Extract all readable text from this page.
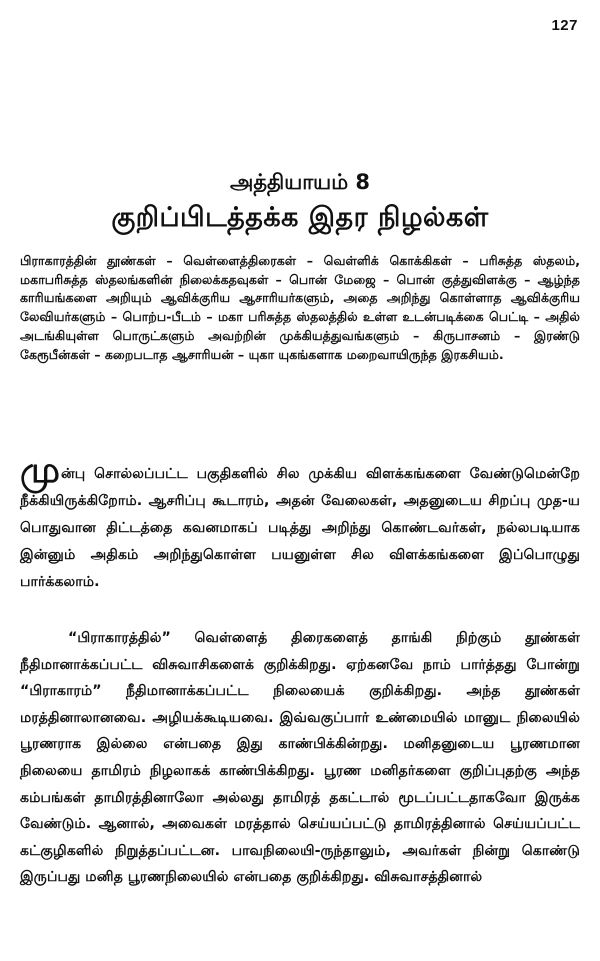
127
அத்தியாயம் 8
குறிப்பிடத்தக்க இதர நிழல்கள்
பிராகாரத்தின் தூண்கள் – வெள்ளைத்திரைகள் – வெள்ளிக் கொக்கிகள் – பரிசுத்த ஸ்தலம், மகாபரிசுத்த ஸ்தலங்களின் நிலைக்கதவுகள் – பொன் மேஜை – பொன் குத்துவிளக்கு – ஆழ்ந்த காரியங்களை அறியும் ஆவிக்குரிய ஆசாரியர்களும், அதை அறிந்து கொள்ளாத ஆவிக்குரிய லேவியர்களும் – பொற்ப-பீடம் – மகா பரிசுத்த ஸ்தலத்தில் உள்ள உடன்படிக்கை பெட்டி – அதில் அடங்கியுள்ள பொருட்களும் அவற்றின் முக்கியத்துவங்களும் – கிருபாசனம் – இரண்டு கேரூபீன்கள் – கறைபடாத ஆசாரியன் – யுகா யுகங்களாக மறைவாயிருந்த இரகசியம்.
முன்பு சொல்லப்பட்ட பகுதிகளில் சில முக்கிய விளக்கங்களை வேண்டுமென்றே நீக்கியிருக்கிறோம். ஆசரிப்பு கூடாரம், அதன் வேலைகள், அதனுடைய சிறப்பு முத-ய பொதுவான திட்டத்தை கவனமாகப் படித்து அறிந்து கொண்டவர்கள், நல்லபடியாக இன்னும் அதிகம் அறிந்துகொள்ள பயனுள்ள சில விளக்கங்களை இப்பொழுது பார்க்கலாம்.
“பிராகாரத்தில்” வெள்ளைத் திரைகளைத் தாங்கி நிற்கும் தூண்கள் நீதிமானாக்கப்பட்ட விசுவாசிகளைக் குறிக்கிறது. ஏற்கனவே நாம் பார்த்தது போன்று “பிராகாரம்” நீதிமானாக்கப்பட்ட நிலையைக் குறிக்கிறது. அந்த தூண்கள் மரத்தினாலானவை. அழியக்கூடியவை. இவ்வகுப்பார் உண்மையில் மானுட நிலையில் பூரணராக இல்லை என்பதை இது காண்பிக்கின்றது. மனிதனுடைய பூரணமான நிலையை தாமிரம் நிழலாகக் காண்பிக்கிறது. பூரண மனிதர்களை குறிப்புதற்கு அந்த கம்பங்கள் தாமிரத்தினாலோ அல்லது தாமிரத் தகட்டால் மூடப்பட்டதாகவோ இருக்க வேண்டும். ஆனால், அவைகள் மரத்தால் செய்யப்பட்டு தாமிரத்தினால் செய்யப்பட்ட கட்குழிகளில் நிறுத்தப்பட்டன. பாவநிலையி-ருந்தாலும், அவர்கள் நின்று கொண்டு இருப்பது மனித பூரணநிலையில் என்பதை குறிக்கிறது. விசுவாசத்தினால்
